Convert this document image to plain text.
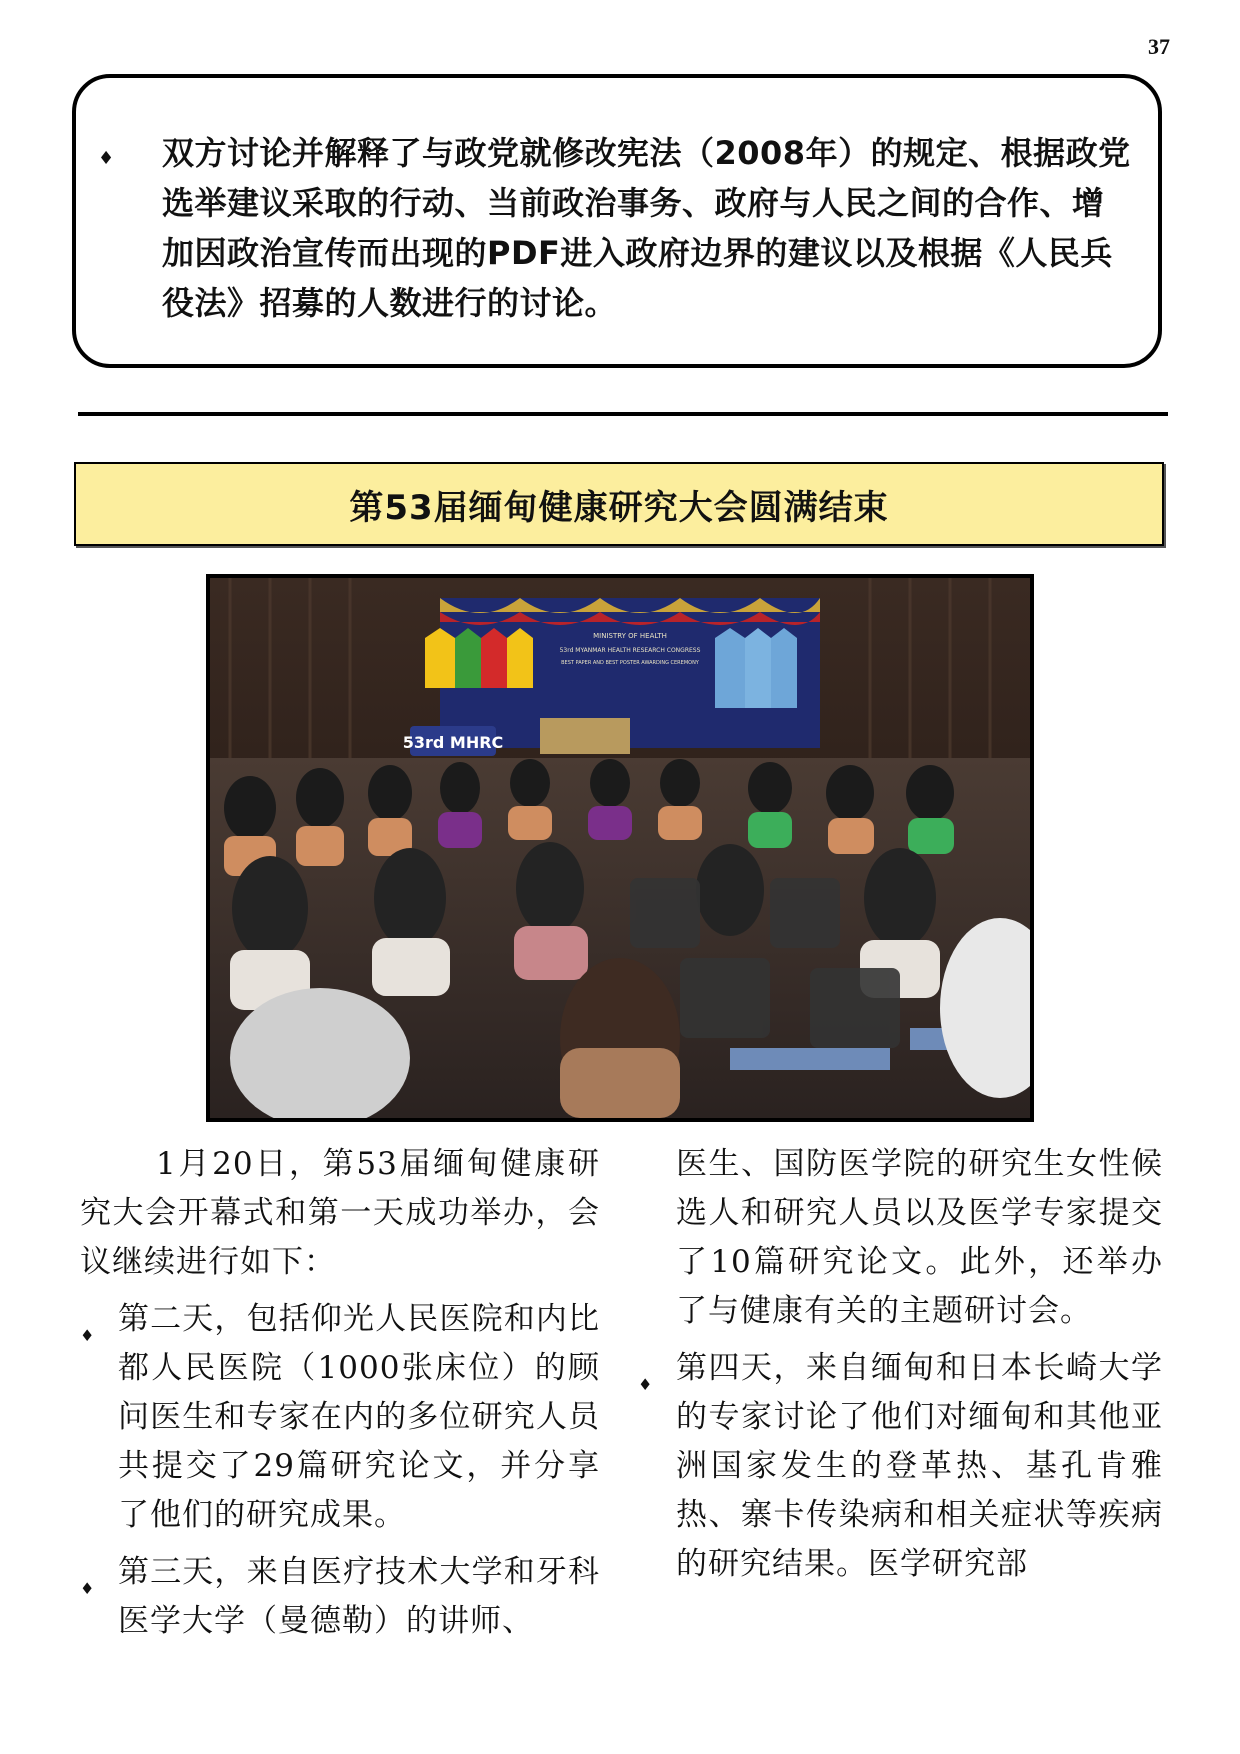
37
♦ 双方讨论并解释了与政党就修改宪法（2008年）的规定、根据政党选举建议采取的行动、当前政治事务、政府与人民之间的合作、增加因政治宣传而出现的PDF进入政府边界的建议以及根据《人民兵役法》招募的人数进行的讨论。
第53届缅甸健康研究大会圆满结束
MINISTRY OF HEALTH
53rd MYANMAR HEALTH RESEARCH CONGRESS
BEST PAPER AND BEST POSTER AWARDING CEREMONY
53rd MHRC

1月20日，第53届缅甸健康研究大会开幕式和第一天成功举办，会议继续进行如下：

♦ 第二天，包括仰光人民医院和内比都人民医院（1000张床位）的顾问医生和专家在内的多位研究人员共提交了29篇研究论文，并分享了他们的研究成果。
♦ 第三天，来自医疗技术大学和牙科医学大学（曼德勒）的讲师、

医生、国防医学院的研究生女性候选人和研究人员以及医学专家提交了10篇研究论文。此外，还举办了与健康有关的主题研讨会。

♦ 第四天，来自缅甸和日本长崎大学的专家讨论了他们对缅甸和其他亚洲国家发生的登革热、基孔肯雅热、寨卡传染病和相关症状等疾病的研究结果。医学研究部
